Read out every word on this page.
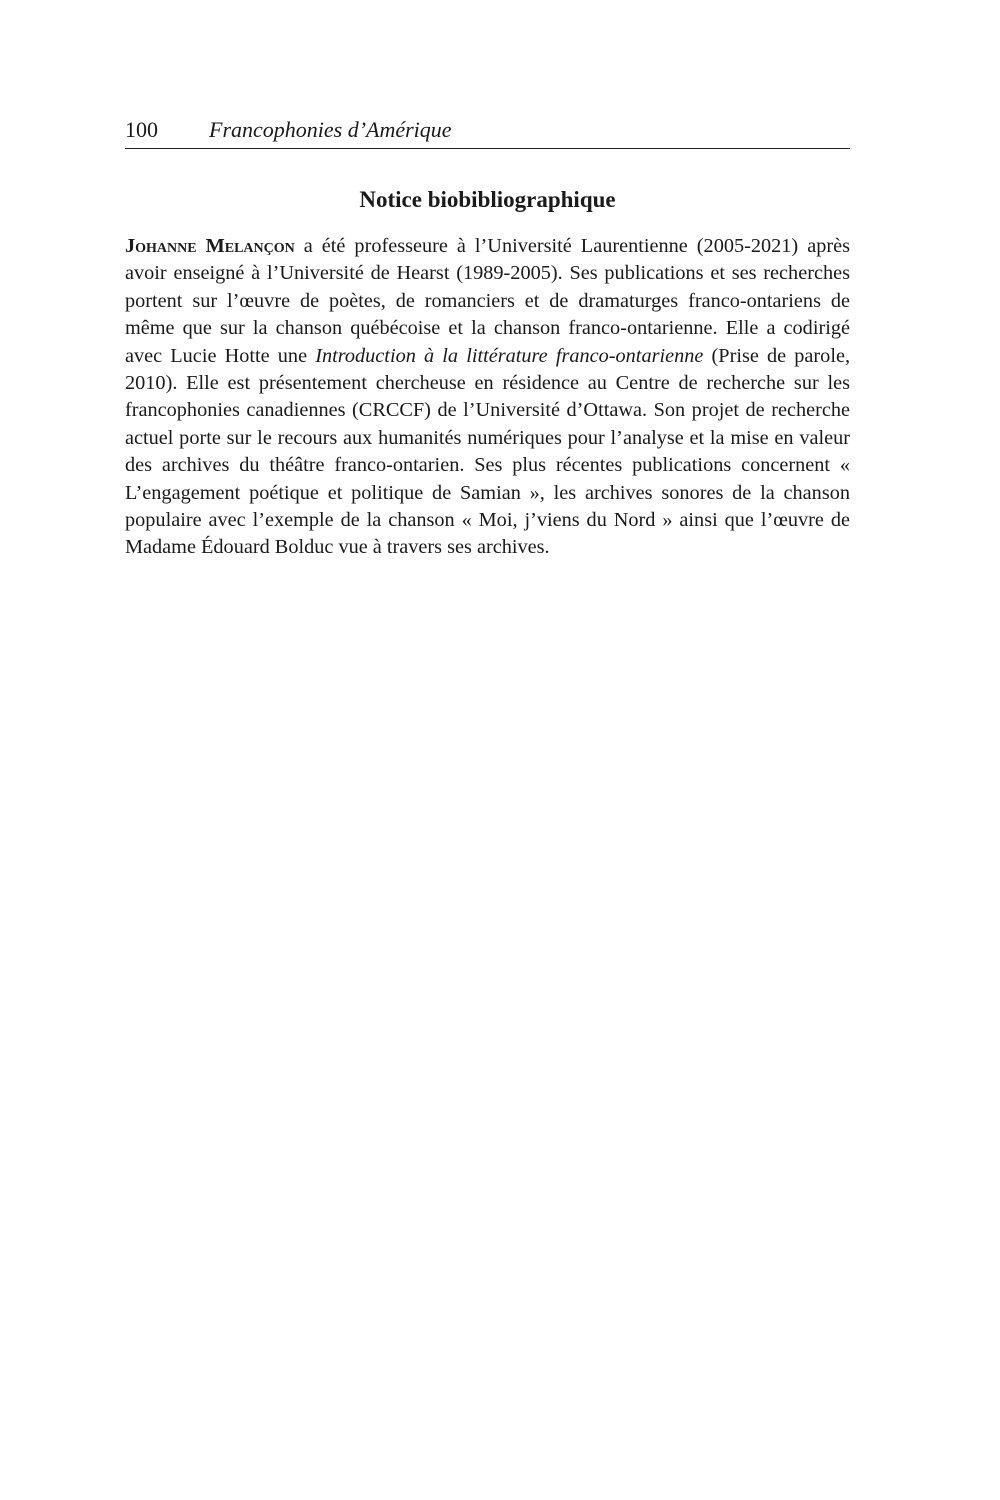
100 Francophonies d’Amérique
Notice biobibliographique

Johanne Melançon a été professeure à l’Université Laurentienne (2005-2021) après avoir enseigné à l’Université de Hearst (1989-2005). Ses publications et ses recherches portent sur l’œuvre de poètes, de romanciers et de dramaturges franco-ontariens de même que sur la chanson québécoise et la chanson franco-ontarienne. Elle a codirigé avec Lucie Hotte une Introduction à la littérature franco-ontarienne (Prise de parole, 2010). Elle est présentement chercheuse en résidence au Centre de recherche sur les francophonies canadiennes (CRCCF) de l’Université d’Ottawa. Son projet de recherche actuel porte sur le recours aux humanités numériques pour l’analyse et la mise en valeur des archives du théâtre franco-ontarien. Ses plus récentes publications concernent « L’engagement poétique et politique de Samian », les archives sonores de la chanson populaire avec l’exemple de la chanson « Moi, j’viens du Nord » ainsi que l’œuvre de Madame Édouard Bolduc vue à travers ses archives.
